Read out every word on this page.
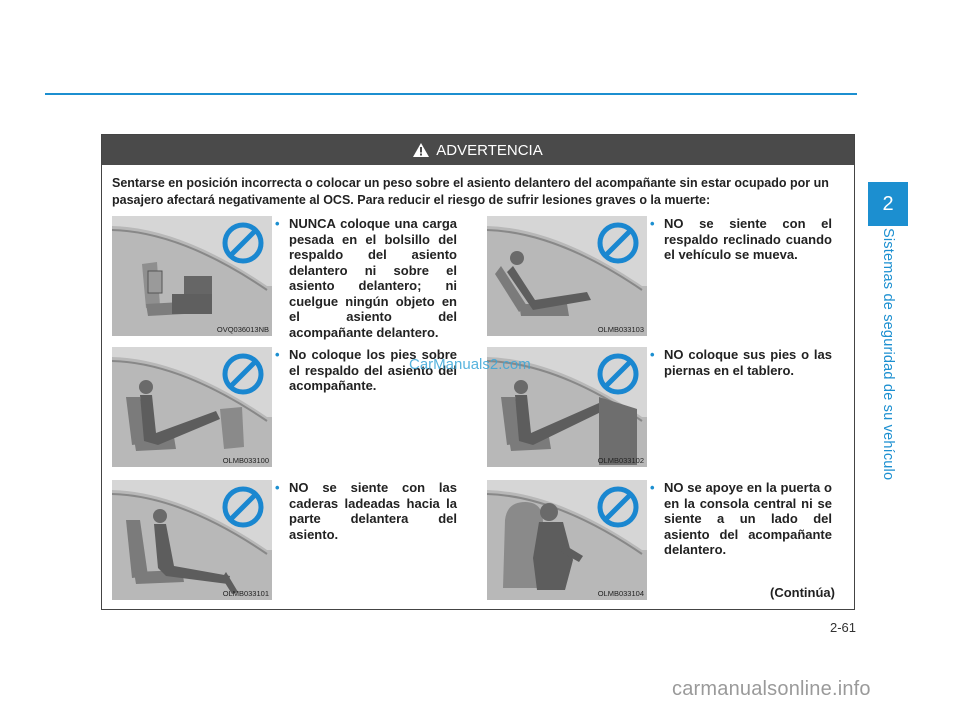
2
Sistemas de seguridad de su vehículo
ADVERTENCIA
Sentarse en posición incorrecta o colocar un peso sobre el asiento delantero del acompañante sin estar ocupado por un pasajero afectará negativamente al OCS. Para reducir el riesgo de sufrir lesiones graves o la muerte:
OVQ036013NB
• NUNCA coloque una carga pesada en el bolsillo del respaldo del asiento delantero ni sobre el asiento delantero; ni cuelgue ningún objeto en el asiento del acompañante delantero.	OLMB033103
• NO se siente con el respaldo reclinado cuando el vehículo se mueva.
OLMB033100
• No coloque los pies sobre el respaldo del asiento del acompañante.
OLMB033102
• NO coloque sus pies o las piernas en el tablero.
OLMB033101
• NO se siente con las caderas ladeadas hacia la parte delantera del asiento.
OLMB033104
• NO se apoye en la puerta o en la consola central ni se siente a un lado del asiento del acompañante delantero.
(Continúa)
2-61
CarManuals2.com
carmanualsonline.info
